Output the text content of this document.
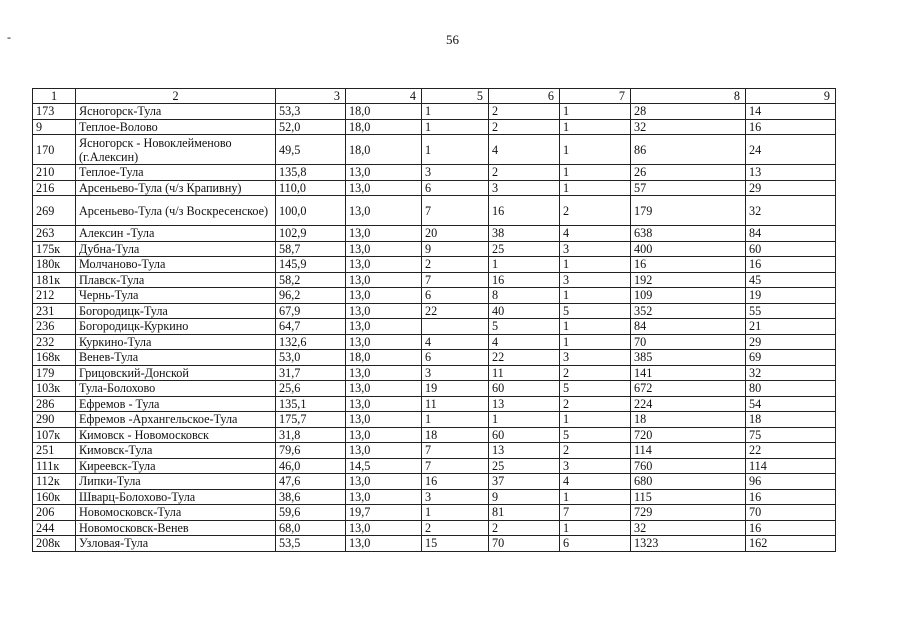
-	56
1	2	3	4	5	6	7	8	9
173	Ясногорск-Тула	53,3	18,0	1	2	1	28	14
9	Теплое-Волово	52,0	18,0	1	2	1	32	16
170	Ясногорск - Новоклейменово (г.Алексин)	49,5	18,0	1	4	1	86	24
210	Теплое-Тула	135,8	13,0	3	2	1	26	13
216	Арсеньево-Тула (ч/з Крапивну)	110,0	13,0	6	3	1	57	29
269	Арсеньево-Тула (ч/з Воскресенское)	100,0	13,0	7	16	2	179	32
263	Алексин -Тула	102,9	13,0	20	38	4	638	84
175к	Дубна-Тула	58,7	13,0	9	25	3	400	60
180к	Молчаново-Тула	145,9	13,0	2	1	1	16	16
181к	Плавск-Тула	58,2	13,0	7	16	3	192	45
212	Чернь-Тула	96,2	13,0	6	8	1	109	19
231	Богородицк-Тула	67,9	13,0	22	40	5	352	55
236	Богородицк-Куркино	64,7	13,0		5	1	84	21
232	Куркино-Тула	132,6	13,0	4	4	1	70	29
168к	Венев-Тула	53,0	18,0	6	22	3	385	69
179	Грицовский-Донской	31,7	13,0	3	11	2	141	32
103к	Тула-Болохово	25,6	13,0	19	60	5	672	80
286	Ефремов - Тула	135,1	13,0	11	13	2	224	54
290	Ефремов -Архангельское-Тула	175,7	13,0	1	1	1	18	18
107к	Кимовск - Новомосковск	31,8	13,0	18	60	5	720	75
251	Кимовск-Тула	79,6	13,0	7	13	2	114	22
111к	Киреевск-Тула	46,0	14,5	7	25	3	760	114
112к	Липки-Тула	47,6	13,0	16	37	4	680	96
160к	Шварц-Болохово-Тула	38,6	13,0	3	9	1	115	16
206	Новомосковск-Тула	59,6	19,7	1	81	7	729	70
244	Новомосковск-Венев	68,0	13,0	2	2	1	32	16
208к	Узловая-Тула	53,5	13,0	15	70	6	1323	162
